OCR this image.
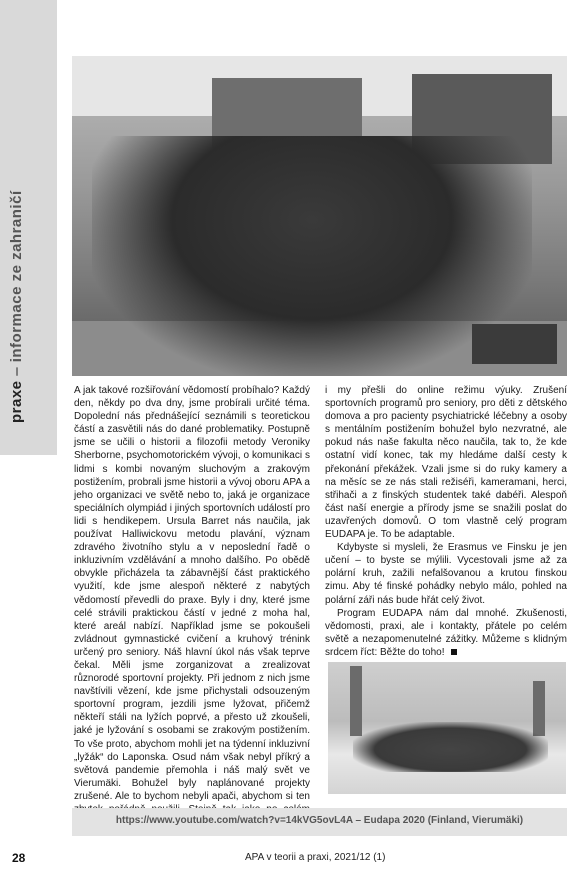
praxe – informace ze zahraničí

A jak takové rozšiřování vědomostí probíhalo? Každý den, někdy po dva dny, jsme probírali určité téma. Dopolední nás přednášející seznámili s teoretickou částí a zasvětili nás do dané problematiky. Postupně jsme se učili o historii a filozofii metody Veroniky Sherborne, psychomotorickém vývoji, o komunikaci s lidmi s kombi novaným sluchovým a zrakovým postižením, probrali jsme historii a vývoj oboru APA a jeho organizaci ve světě nebo to, jaká je organizace speciálních olympiád i jiných sportovních událostí pro lidi s hendikepem. Ursula Barret nás naučila, jak používat Halliwickovu metodu plavání, význam zdravého životního stylu a v neposlední řadě o inkluzivním vzdělávání a mnoho dalšího. Po obědě obvykle přicházela ta zábavnější část praktického využití, kde jsme alespoň některé z nabytých vědomostí převedli do praxe. Byly i dny, které jsme celé strávili praktickou částí v jedné z moha hal, které areál nabízí. Například jsme se pokoušeli zvládnout gymnastické cvičení a kruhový trénink určený pro seniory. Náš hlavní úkol nás však teprve čekal. Měli jsme zorganizovat a zrealizovat různorodé sportovní projekty. Při jednom z nich jsme navštívili vězení, kde jsme přichystali odsouzeným sportovní program, jezdili jsme lyžovat, přičemž někteří stáli na lyžích poprvé, a přesto už zkoušeli, jaké je lyžování s osobami se zrakovým postižením. To vše proto, abychom mohli jet na týdenní inkluzivní „lyžák“ do Laponska. Osud nám však nebyl příkrý a světová pandemie přemohla i náš malý svět ve Vierumäki. Bohužel byly naplánované projekty zrušené. Ale to bychom nebyli apači, abychom si ten

i my přešli do online režimu výuky. Zrušení sportovních programů pro seniory, pro děti z dětského domova a pro pacienty psychiatrické léčebny a osoby s mentálním postižením bohužel bylo nezvratné, ale pokud nás naše fakulta něco naučila, tak to, že kde ostatní vidí konec, tak my hledáme další cesty k překonání překážek. Vzali jsme si do ruky kamery a na měsíc se ze nás stali režiséři, kameramani, herci, střihači a z finských studentek také dabéři. Alespoň část naší energie a přírody jsme se snažili poslat do uzavřených domovů. O tom vlastně celý program EUDAPA je. To be adaptable.

Kdybyste si mysleli, že Erasmus ve Finsku je jen učení – to byste se mýlili. Vycestovali jsme až za polární kruh, zažili nefalšovanou a krutou finskou zimu. Aby té finské pohádky nebylo málo, pohled na polární záři nás bude hřát celý život.

Program EUDAPA nám dal mnohé. Zkušenosti, vědomosti, praxi, ale i kontakty, přátele po celém světě a nezapomenutelné zážitky. Můžeme s klidným srdcem říct: Běžte do toho!

https://www.youtube.com/watch?v=14kVG5ovL4A – Eudapa 2020 (Finland, Vierumäki)
28	APA v teorii a praxi, 2021/12 (1)
